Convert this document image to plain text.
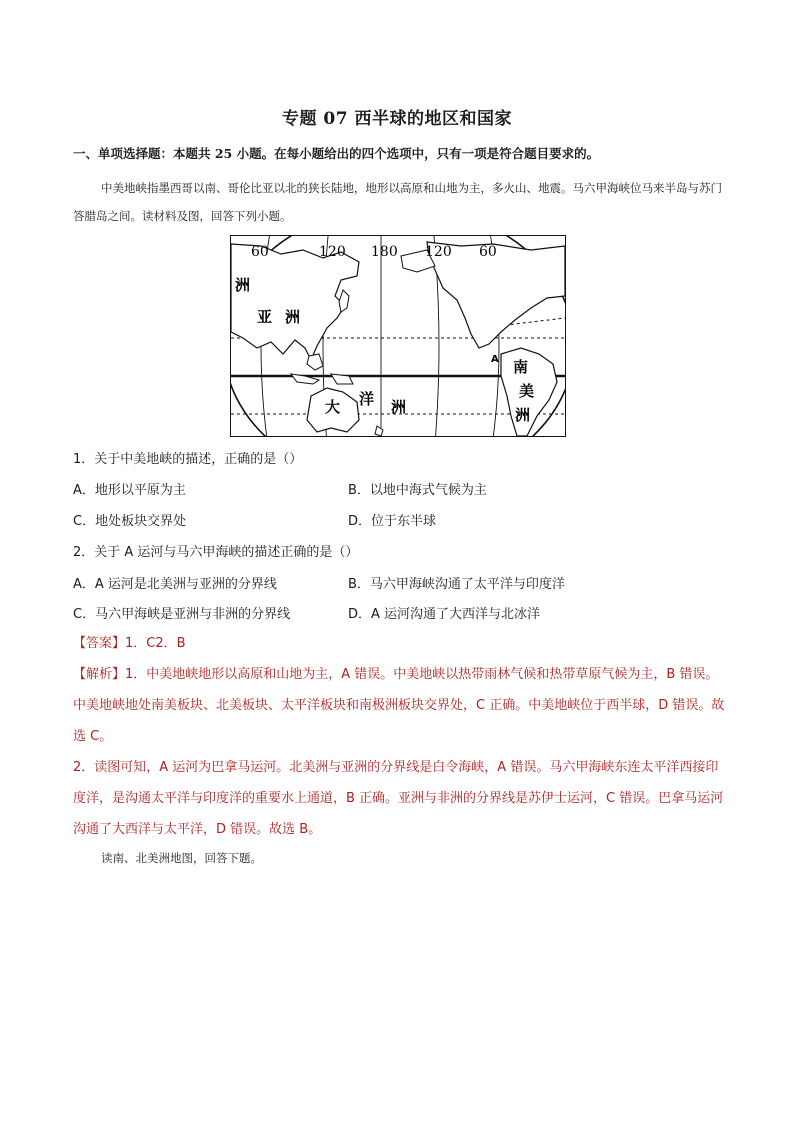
专题 07 西半球的地区和国家
一、单项选择题：本题共 25 小题。在每小题给出的四个选项中，只有一项是符合题目要求的。
中美地峡指墨西哥以南、哥伦比亚以北的狭长陆地，地形以高原和山地为主，多火山、地震。马六甲海峡位马来半岛与苏门答腊岛之间。读材料及图，回答下列小题。
60	120 180 120 60
洲
亚 洲
大 洋 洲
南
美
洲
A
1．关于中美地峡的描述，正确的是（）
A．地形以平原为主	B．以地中海式气候为主
C．地处板块交界处	D．位于东半球
2．关于 A 运河与马六甲海峡的描述正确的是（）
A．A 运河是北美洲与亚洲的分界线	B．马六甲海峡沟通了太平洋与印度洋
C．马六甲海峡是亚洲与非洲的分界线	D．A 运河沟通了大西洋与北冰洋
【答案】1．C2．B
【解析】1．中美地峡地形以高原和山地为主，A 错误。中美地峡以热带雨林气候和热带草原气候为主，B 错误。中美地峡地处南美板块、北美板块、太平洋板块和南极洲板块交界处，C 正确。中美地峡位于西半球，D 错误。故选 C。
2．读图可知，A 运河为巴拿马运河。北美洲与亚洲的分界线是白令海峡，A 错误。马六甲海峡东连太平洋西接印度洋，是沟通太平洋与印度洋的重要水上通道，B 正确。亚洲与非洲的分界线是苏伊士运河，C 错误。巴拿马运河沟通了大西洋与太平洋，D 错误。故选 B。
读南、北美洲地图，回答下题。
